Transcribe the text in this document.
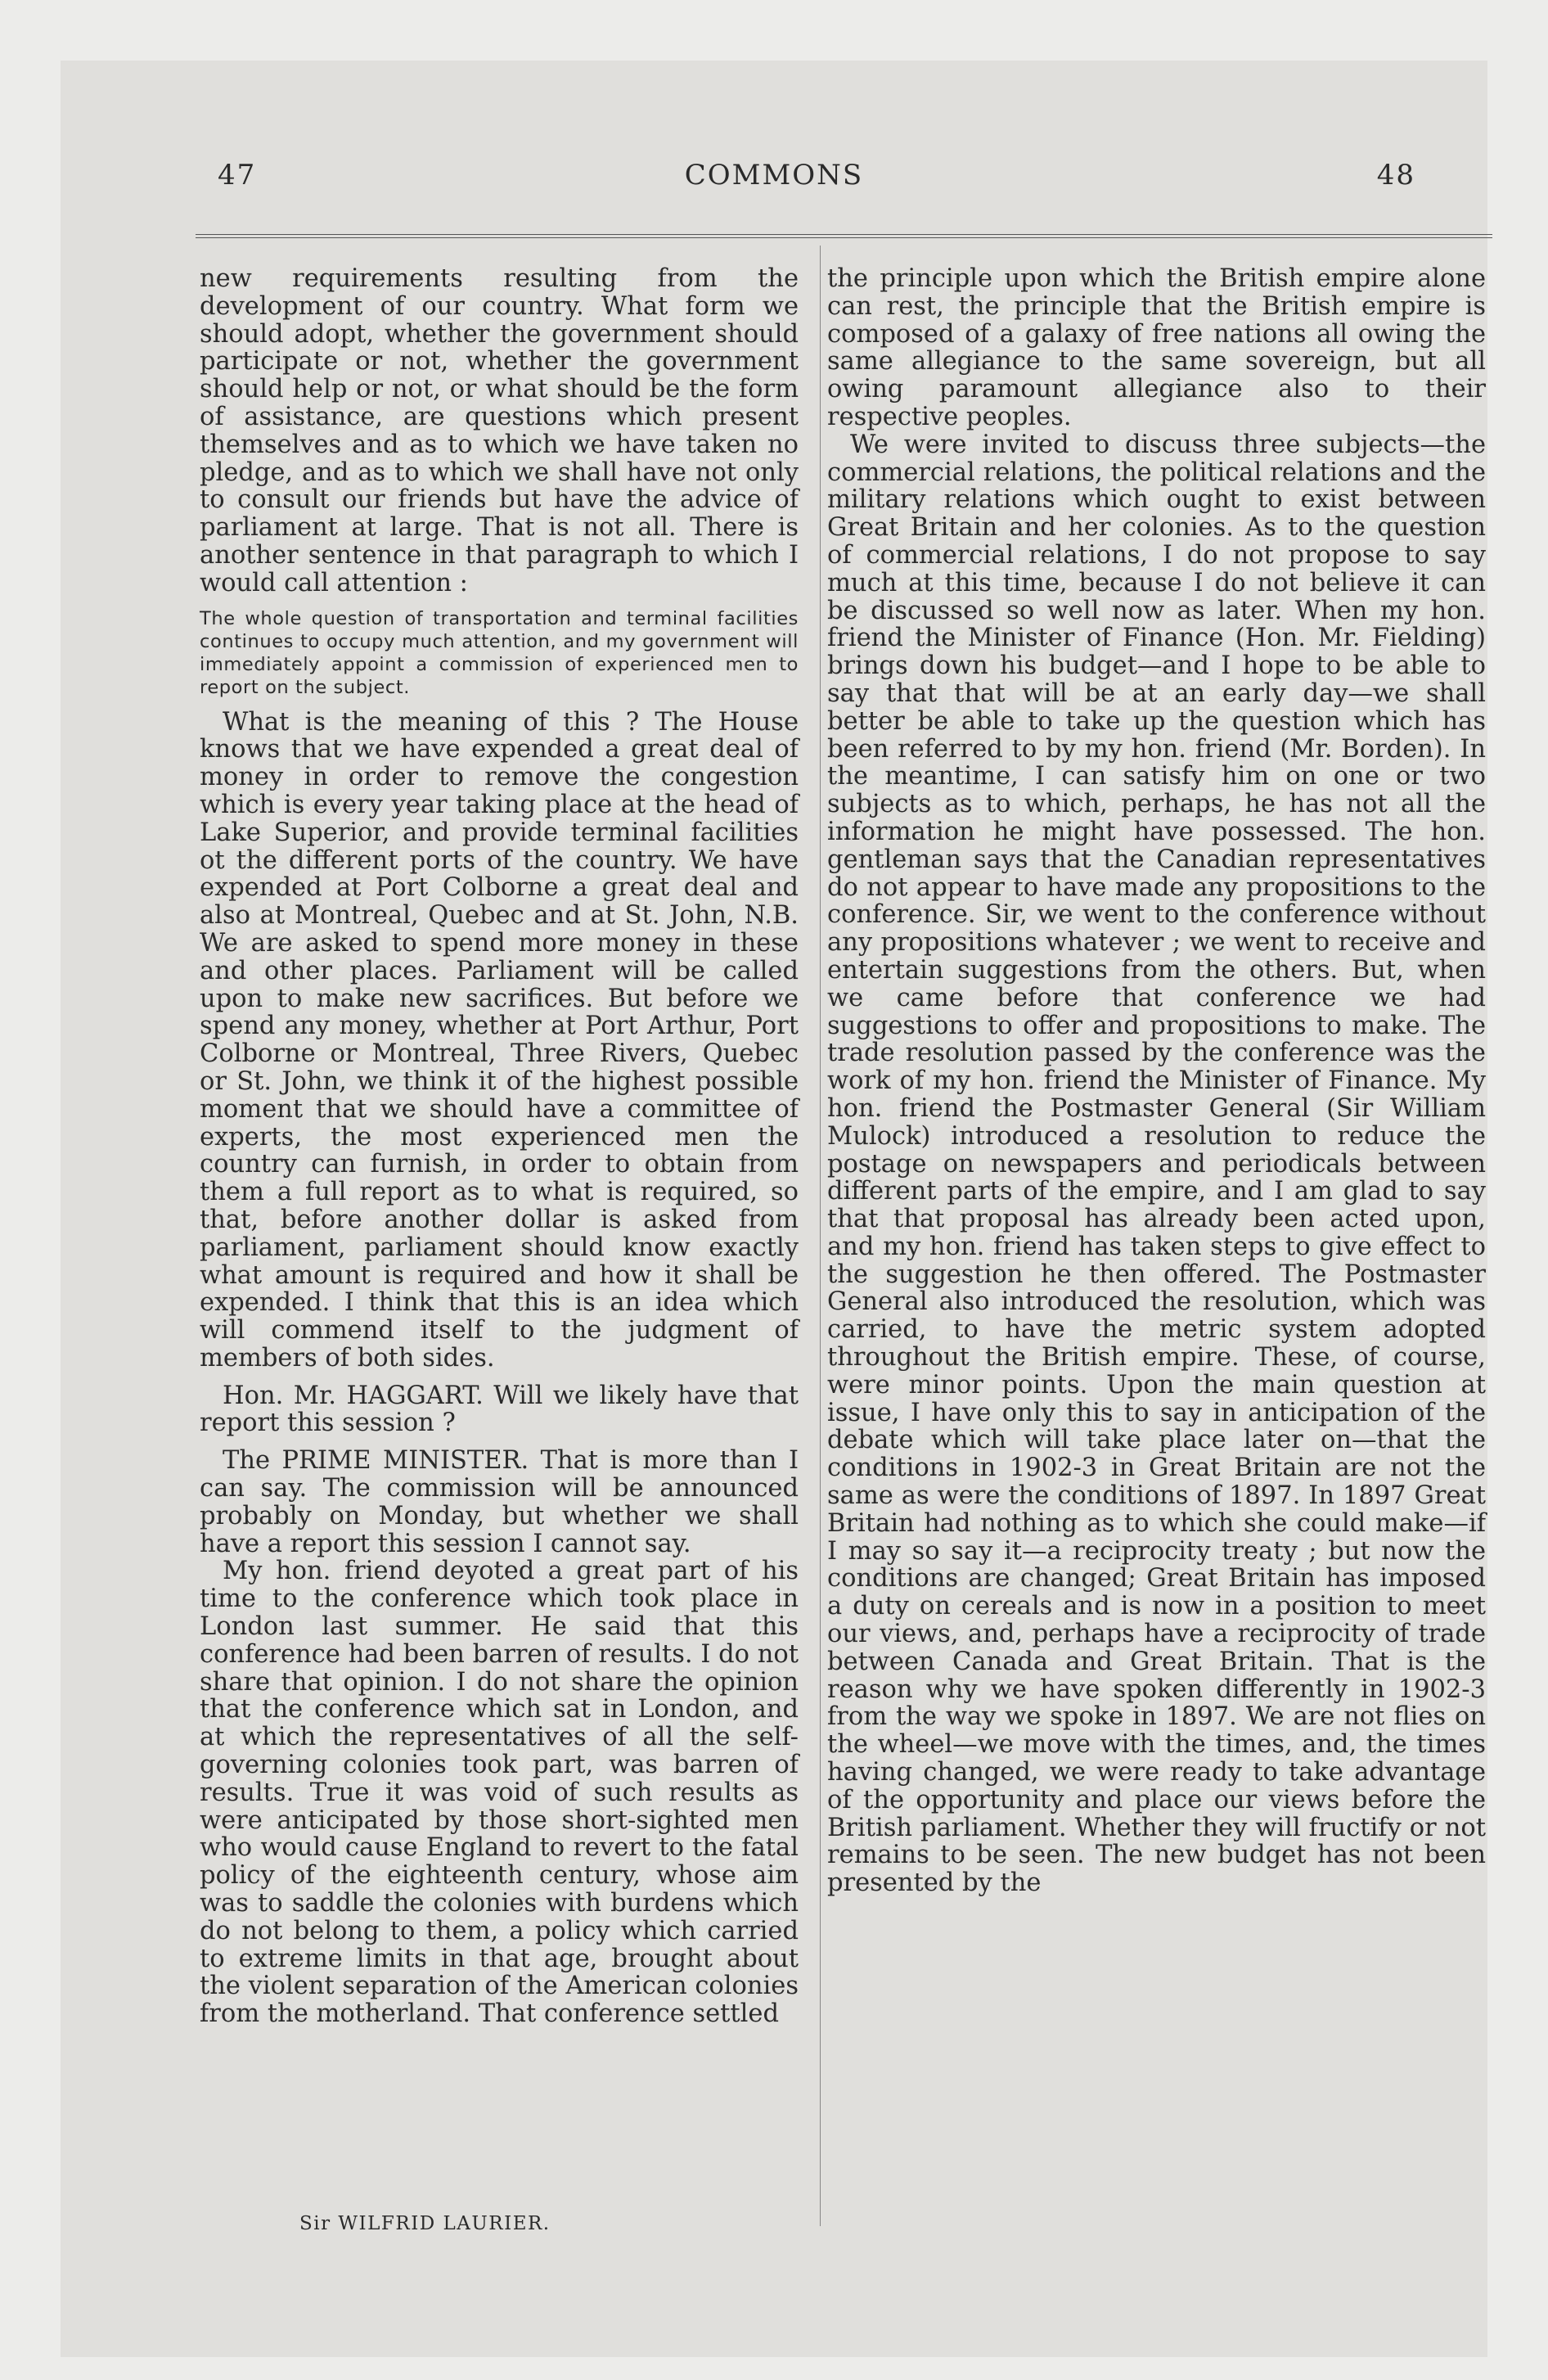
47	COMMONS	48

new requirements resulting from the development of our country. What form we should adopt, whether the government should participate or not, whether the government should help or not, or what should be the form of assistance, are questions which present themselves and as to which we have taken no pledge, and as to which we shall have not only to consult our friends but have the advice of parliament at large. That is not all. There is another sentence in that paragraph to which I would call attention :

The whole question of transportation and terminal facilities continues to occupy much attention, and my government will immediately appoint a commission of experienced men to report on the subject.

What is the meaning of this ? The House knows that we have expended a great deal of money in order to remove the congestion which is every year taking place at the head of Lake Superior, and provide terminal facilities ot the different ports of the country. We have expended at Port Colborne a great deal and also at Montreal, Quebec and at St. John, N.B. We are asked to spend more money in these and other places. Parliament will be called upon to make new sacrifices. But before we spend any money, whether at Port Arthur, Port Colborne or Montreal, Three Rivers, Quebec or St. John, we think it of the highest possible moment that we should have a committee of experts, the most experienced men the country can furnish, in order to obtain from them a full report as to what is required, so that, before another dollar is asked from parliament, parliament should know exactly what amount is required and how it shall be expended. I think that this is an idea which will commend itself to the judgment of members of both sides.

Hon. Mr. HAGGART. Will we likely have that report this session ?

The PRIME MINISTER. That is more than I can say. The commission will be announced probably on Monday, but whether we shall have a report this session I cannot say.

My hon. friend deyoted a great part of his time to the conference which took place in London last summer. He said that this conference had been barren of results. I do not share that opinion. I do not share the opinion that the conference which sat in London, and at which the representatives of all the self-governing colonies took part, was barren of results. True it was void of such results as were anticipated by those short-sighted men who would cause England to revert to the fatal policy of the eighteenth century, whose aim was to saddle the colonies with burdens which do not belong to them, a policy which carried to extreme limits in that age, brought about the violent separation of the American colonies from the motherland. That conference settled

the principle upon which the British empire alone can rest, the principle that the British empire is composed of a galaxy of free nations all owing the same allegiance to the same sovereign, but all owing paramount allegiance also to their respective peoples.

We were invited to discuss three subjects—the commercial relations, the political relations and the military relations which ought to exist between Great Britain and her colonies. As to the question of commercial relations, I do not propose to say much at this time, because I do not believe it can be discussed so well now as later. When my hon. friend the Minister of Finance (Hon. Mr. Fielding) brings down his budget—and I hope to be able to say that that will be at an early day—we shall better be able to take up the question which has been referred to by my hon. friend (Mr. Borden). In the meantime, I can satisfy him on one or two subjects as to which, perhaps, he has not all the information he might have possessed. The hon. gentleman says that the Canadian representatives do not appear to have made any propositions to the conference. Sir, we went to the conference without any propositions whatever ; we went to receive and entertain suggestions from the others. But, when we came before that conference we had suggestions to offer and propositions to make. The trade resolution passed by the conference was the work of my hon. friend the Minister of Finance. My hon. friend the Postmaster General (Sir William Mulock) introduced a resolution to reduce the postage on newspapers and periodicals between different parts of the empire, and I am glad to say that that proposal has already been acted upon, and my hon. friend has taken steps to give effect to the suggestion he then offered. The Postmaster General also introduced the resolution, which was carried, to have the metric system adopted throughout the British empire. These, of course, were minor points. Upon the main question at issue, I have only this to say in anticipation of the debate which will take place later on—that the conditions in 1902-3 in Great Britain are not the same as were the conditions of 1897. In 1897 Great Britain had nothing as to which she could make—if I may so say it—a reciprocity treaty ; but now the conditions are changed; Great Britain has imposed a duty on cereals and is now in a position to meet our views, and, perhaps have a reciprocity of trade between Canada and Great Britain. That is the reason why we have spoken differently in 1902-3 from the way we spoke in 1897. We are not flies on the wheel—we move with the times, and, the times having changed, we were ready to take advantage of the opportunity and place our views before the British parliament. Whether they will fructify or not remains to be seen. The new budget has not been presented by the

Sir WILFRID LAURIER.
